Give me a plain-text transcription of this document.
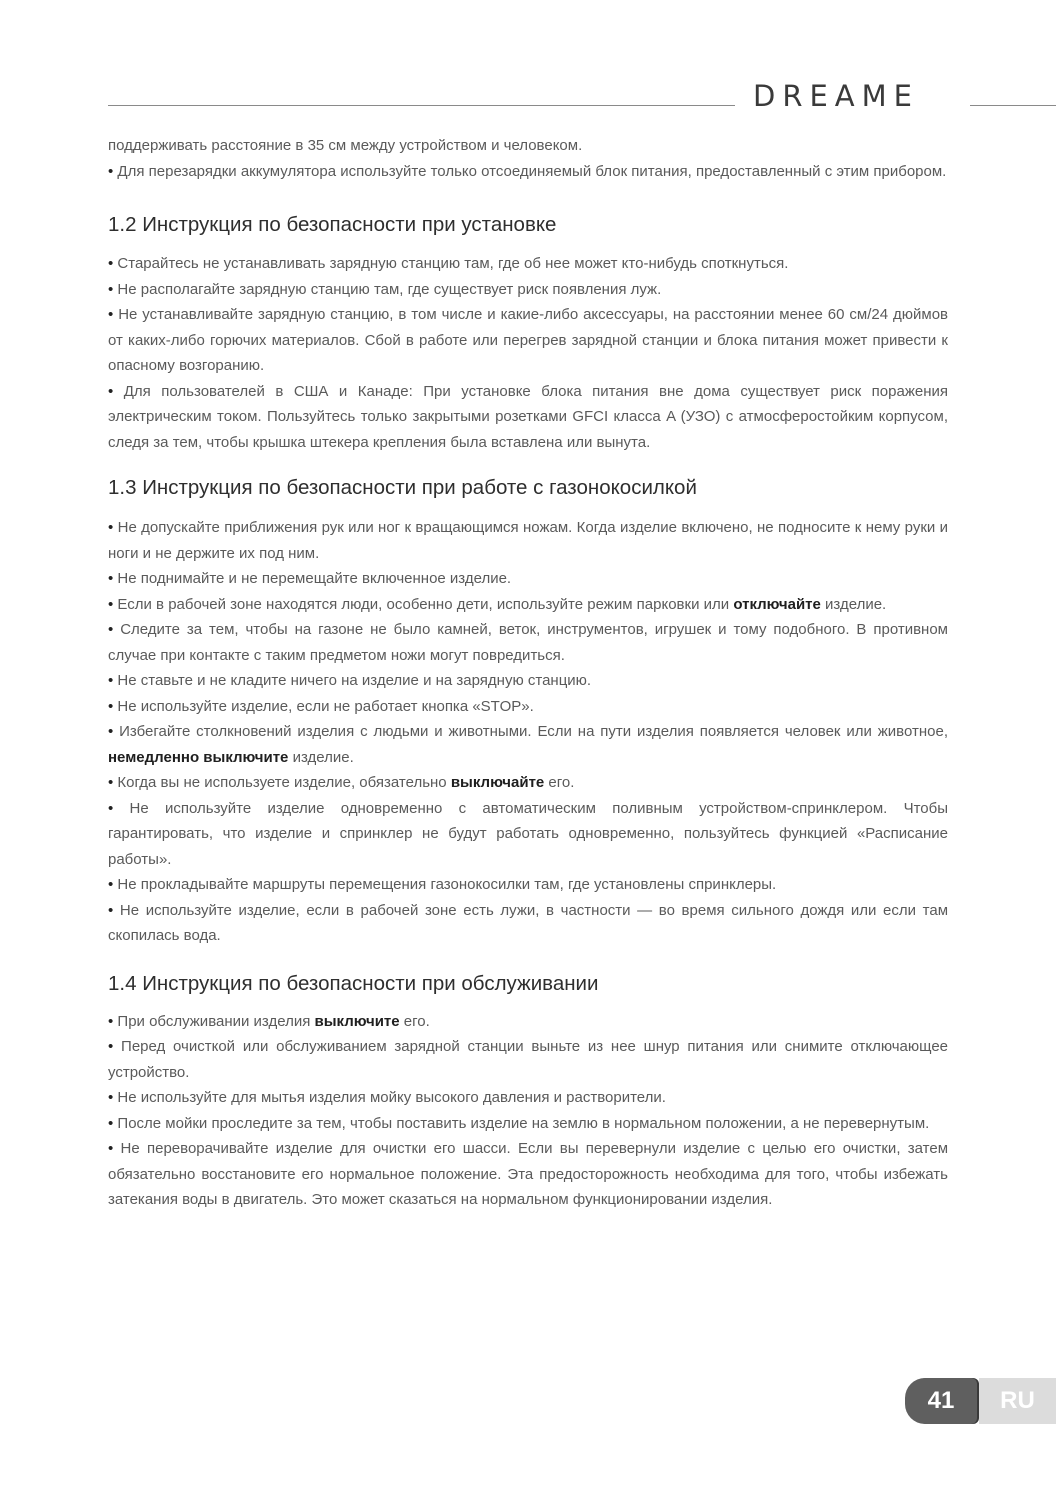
DREAME

поддерживать расстояние в 35 см между устройством и человеком.

• Для перезарядки аккумулятора используйте только отсоединяемый блок питания, предоставленный с этим прибором.

1.2 Инструкция по безопасности при установке

• Старайтесь не устанавливать зарядную станцию там, где об нее может кто-нибудь споткнуться.

• Не располагайте зарядную станцию там, где существует риск появления луж.

• Не устанавливайте зарядную станцию, в том числе и какие-либо аксессуары, на расстоянии менее 60 см/24 дюймов от каких-либо горючих материалов. Сбой в работе или перегрев зарядной станции и блока питания может привести к опасному возгоранию.

• Для пользователей в США и Канаде: При установке блока питания вне дома существует риск поражения электрическим током. Пользуйтесь только закрытыми розетками GFCI класса A (УЗО) с атмосферостойким корпусом, следя за тем, чтобы крышка штекера крепления была вставлена или вынута.

1.3 Инструкция по безопасности при работе с газонокосилкой

• Не допускайте приближения рук или ног к вращающимся ножам. Когда изделие включено, не подносите к нему руки и ноги и не держите их под ним.

• Не поднимайте и не перемещайте включенное изделие.

• Если в рабочей зоне находятся люди, особенно дети, используйте режим парковки или отключайте изделие.

• Следите за тем, чтобы на газоне не было камней, веток, инструментов, игрушек и тому подобного. В противном случае при контакте с таким предметом ножи могут повредиться.

• Не ставьте и не кладите ничего на изделие и на зарядную станцию.

• Не используйте изделие, если не работает кнопка «STOP».

• Избегайте столкновений изделия с людьми и животными. Если на пути изделия появляется человек или животное, немедленно выключите изделие.

• Когда вы не используете изделие, обязательно выключайте его.

• Не используйте изделие одновременно с автоматическим поливным устройством-спринклером. Чтобы гарантировать, что изделие и спринклер не будут работать одновременно, пользуйтесь функцией «Расписание работы».

• Не прокладывайте маршруты перемещения газонокосилки там, где установлены спринклеры.

• Не используйте изделие, если в рабочей зоне есть лужи, в частности — во время сильного дождя или если там скопилась вода.

1.4 Инструкция по безопасности при обслуживании

• При обслуживании изделия выключите его.

• Перед очисткой или обслуживанием зарядной станции выньте из нее шнур питания или снимите отключающее устройство.

• Не используйте для мытья изделия мойку высокого давления и растворители.

• После мойки проследите за тем, чтобы поставить изделие на землю в нормальном положении, а не перевернутым.

• Не переворачивайте изделие для очистки его шасси. Если вы перевернули изделие с целью его очистки, затем обязательно восстановите его нормальное положение. Эта предосторожность необходима для того, чтобы избежать затекания воды в двигатель. Это может сказаться на нормальном функционировании изделия.

41	RU
